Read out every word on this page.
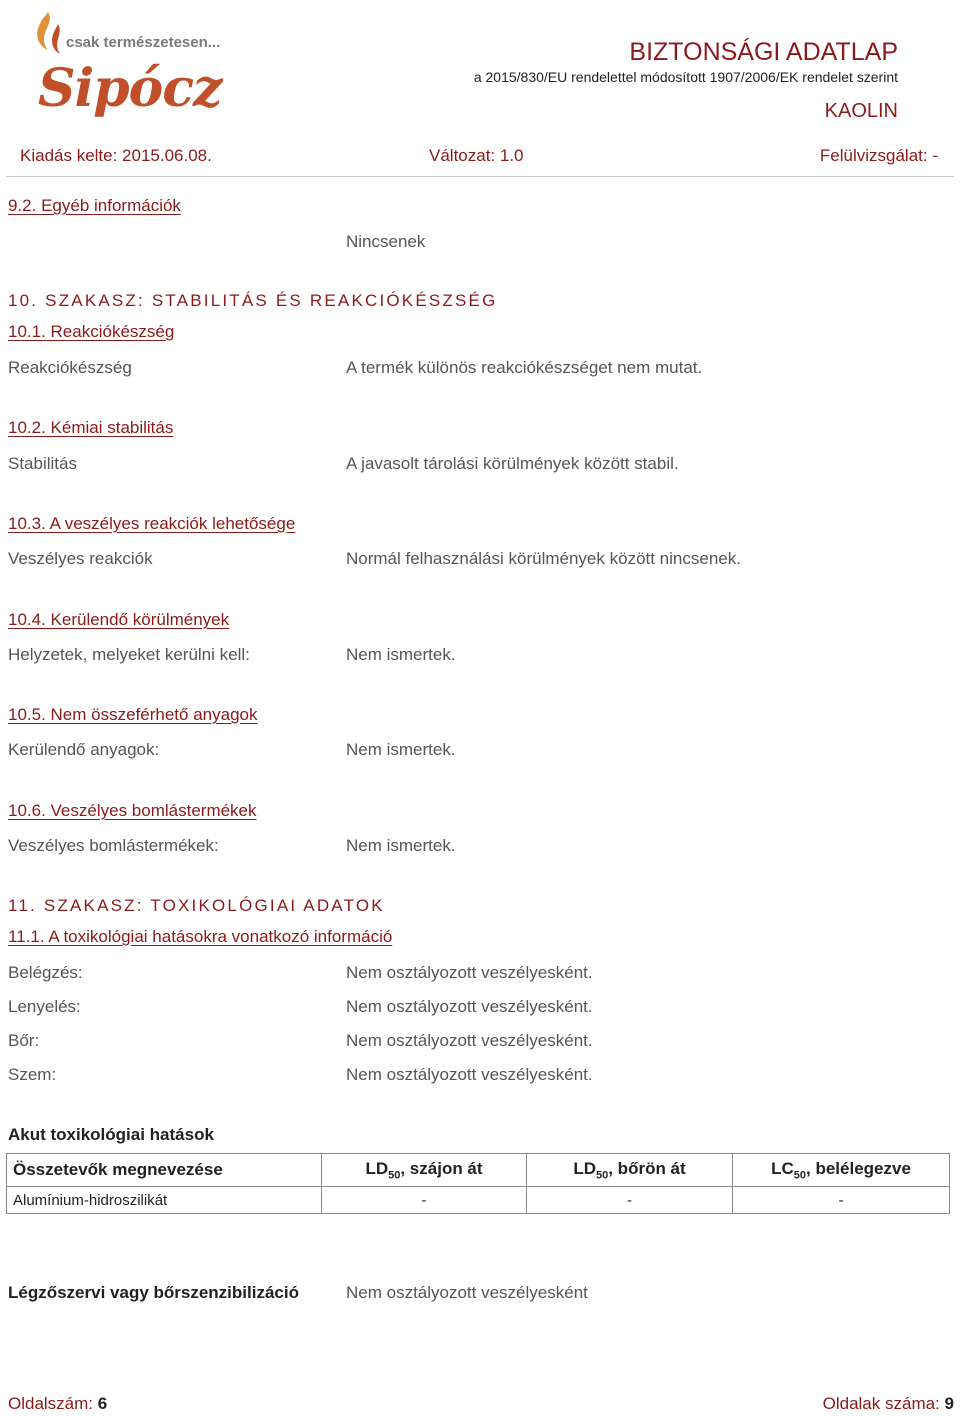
csak természetesen...
Sipócz
BIZTONSÁGI ADATLAP
a 2015/830/EU rendelettel módosított 1907/2006/EK rendelet szerint
KAOLIN
Kiadás kelte: 2015.06.08.	Változat: 1.0	Felülvizsgálat: -
9.2. Egyéb információk
Nincsenek
10. SZAKASZ: STABILITÁS ÉS REAKCIÓKÉSZSÉG
10.1. Reakciókészség
Reakciókészség	A termék különös reakciókészséget nem mutat.
10.2. Kémiai stabilitás
Stabilitás	A javasolt tárolási körülmények között stabil.
10.3. A veszélyes reakciók lehetősége
Veszélyes reakciók	Normál felhasználási körülmények között nincsenek.
10.4. Kerülendő körülmények
Helyzetek, melyeket kerülni kell:	Nem ismertek.
10.5. Nem összeférhető anyagok
Kerülendő anyagok:	Nem ismertek.
10.6. Veszélyes bomlástermékek
Veszélyes bomlástermékek:	Nem ismertek.
11. SZAKASZ: TOXIKOLÓGIAI ADATOK
11.1. A toxikológiai hatásokra vonatkozó információ
Belégzés:	Nem osztályozott veszélyesként.
Lenyelés:	Nem osztályozott veszélyesként.
Bőr:	Nem osztályozott veszélyesként.
Szem:	Nem osztályozott veszélyesként.
Akut toxikológiai hatások
Összetevők megnevezése	$LD_{50}$, szájon át	$LD_{50}$, bőrön át	$LC_{50}$, belélegezve
Alumínium-hidroszilikát	-	-	-
Légzőszervi vagy bőrszenzibilizáció	Nem osztályozott veszélyesként
Oldalszám: 6	Oldalak száma: 9
